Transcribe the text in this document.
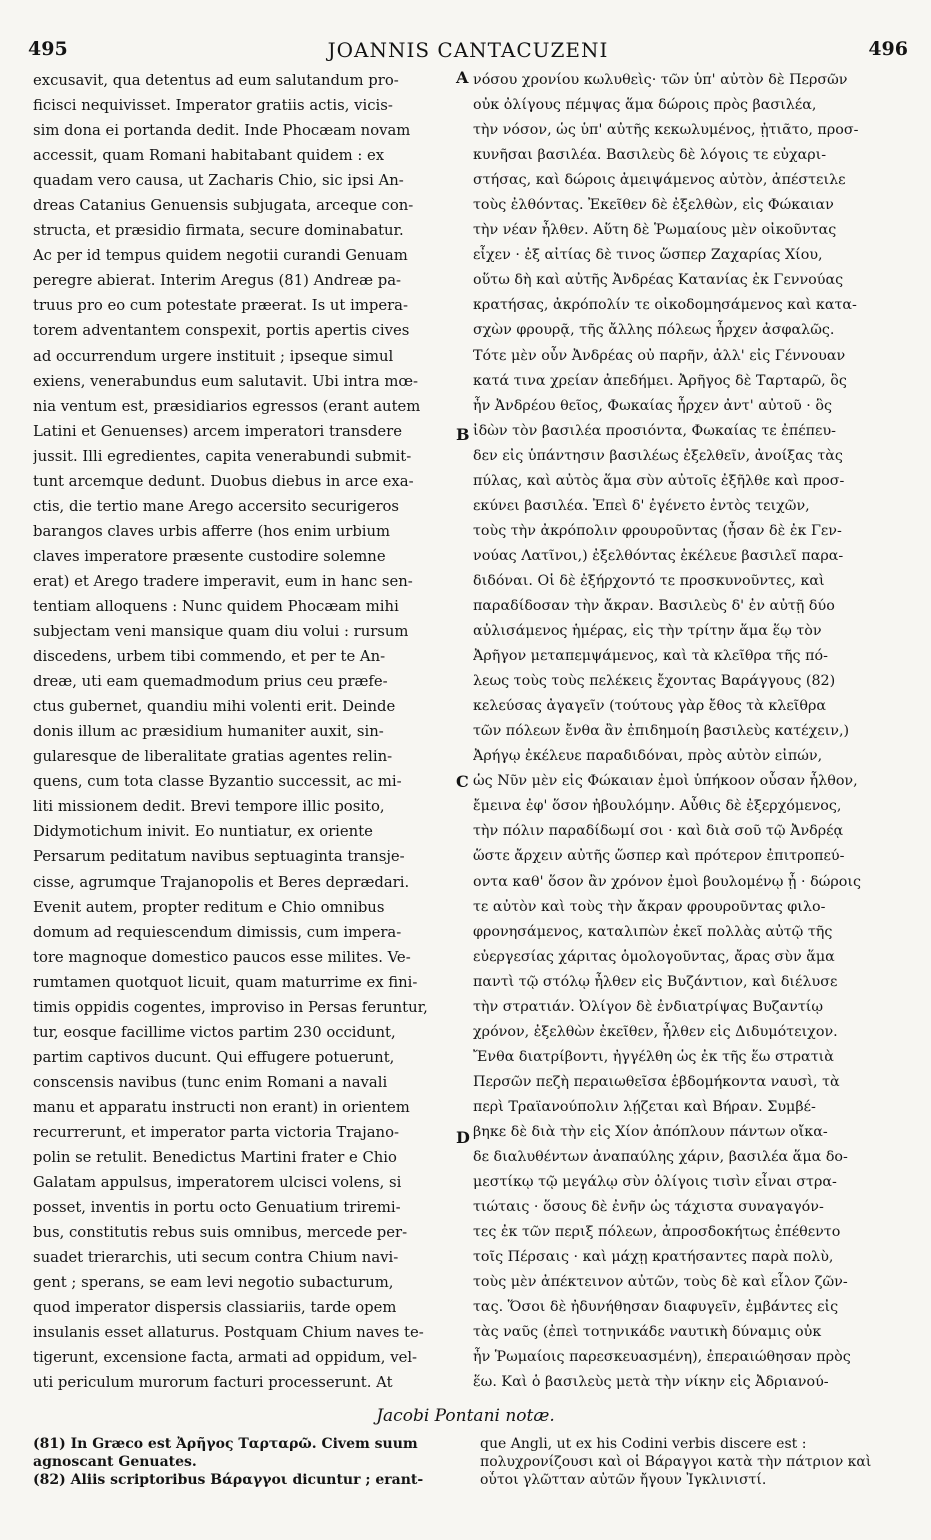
495	JOANNIS CANTACUZENI	496
excusavit, qua detentus ad eum salutandum pro-
ficisci nequivisset. Imperator gratiis actis, vicis-
sim dona ei portanda dedit. Inde Phocæam novam
accessit, quam Romani habitabant quidem : ex
quadam vero causa, ut Zacharis Chio, sic ipsi An-
dreas Catanius Genuensis subjugata, arceque con-
structa, et præsidio firmata, secure dominabatur.
Ac per id tempus quidem negotii curandi Genuam
peregre abierat. Interim Aregus (81) Andreæ pa-
truus pro eo cum potestate præerat. Is ut impera-
torem adventantem conspexit, portis apertis cives
ad occurrendum urgere instituit ; ipseque simul
exiens, venerabundus eum salutavit. Ubi intra mœ-
nia ventum est, præsidiarios egressos (erant autem
Latini et Genuenses) arcem imperatori transdere
jussit. Illi egredientes, capita venerabundi submit-
tunt arcemque dedunt. Duobus diebus in arce exa-
ctis, die tertio mane Arego accersito securigeros
barangos claves urbis afferre (hos enim urbium
claves imperatore præsente custodire solemne
erat) et Arego tradere imperavit, eum in hanc sen-
tentiam alloquens : Nunc quidem Phocæam mihi
subjectam veni mansique quam diu volui : rursum
discedens, urbem tibi commendo, et per te An-
dreæ, uti eam quemadmodum prius ceu præfe-
ctus gubernet, quandiu mihi volenti erit. Deinde
donis illum ac præsidium humaniter auxit, sin-
gularesque de liberalitate gratias agentes relin-
quens, cum tota classe Byzantio successit, ac mi-
liti missionem dedit. Brevi tempore illic posito,
Didymotichum inivit. Eo nuntiatur, ex oriente
Persarum peditatum navibus septuaginta transje-
cisse, agrumque Trajanopolis et Beres deprædari.
Evenit autem, propter reditum e Chio omnibus
domum ad requiescendum dimissis, cum impera-
tore magnoque domestico paucos esse milites. Ve-
rumtamen quotquot licuit, quam maturrime ex fini-
timis oppidis cogentes, improviso in Persas feruntur,
tur, eosque facillime victos partim 230 occidunt,
partim captivos ducunt. Qui effugere potuerunt,
conscensis navibus (tunc enim Romani a navali
manu et apparatu instructi non erant) in orientem
recurrerunt, et imperator parta victoria Trajano-
polin se retulit. Benedictus Martini frater e Chio
Galatam appulsus, imperatorem ulcisci volens, si
posset, inventis in portu octo Genuatium triremi-
bus, constitutis rebus suis omnibus, mercede per-
suadet trierarchis, uti secum contra Chium navi-
gent ; sperans, se eam levi negotio subacturum,
quod imperator dispersis classiariis, tarde opem
insulanis esset allaturus. Postquam Chium naves te-
tigerunt, excensione facta, armati ad oppidum, vel-
uti periculum murorum facturi processerunt. At
νόσου χρονίου κωλυθεὶς· τῶν ὑπ' αὐτὸν δὲ Περσῶν
οὐκ ὀλίγους πέμψας ἅμα δώροις πρὸς βασιλέα,
τὴν νόσον, ὡς ὑπ' αὐτῆς κεκωλυμένος, ᾐτιᾶτο, προσ-
κυνῆσαι βασιλέα. Βασιλεὺς δὲ λόγοις τε εὐχαρι-
στήσας, καὶ δώροις ἀμειψάμενος αὐτὸν, ἀπέστειλε
τοὺς ἐλθόντας. Ἐκεῖθεν δὲ ἐξελθὼν, εἰς Φώκαιαν
τὴν νέαν ἦλθεν. Αὕτη δὲ Ῥωμαίους μὲν οἰκοῦντας
εἶχεν · ἐξ αἰτίας δὲ τινος ὥσπερ Ζαχαρίας Χίου,
οὕτω δὴ καὶ αὐτῆς Ἀνδρέας Κατανίας ἐκ Γεννούας
κρατήσας, ἀκρόπολίν τε οἰκοδομησάμενος καὶ κατα-
σχὼν φρουρᾷ, τῆς ἄλλης πόλεως ἦρχεν ἀσφαλῶς.
Τότε μὲν οὖν Ἀνδρέας οὐ παρῆν, ἀλλ' εἰς Γέννουαν
κατά τινα χρείαν ἀπεδήμει. Ἀρῆγος δὲ Ταρταρῶ, ὃς
ἦν Ἀνδρέου θεῖος, Φωκαίας ἦρχεν ἀντ' αὐτοῦ · ὃς
ἰδὼν τὸν βασιλέα προσιόντα, Φωκαίας τε ἐπέπευ-
δεν εἰς ὑπάντησιν βασιλέως ἐξελθεῖν, ἀνοίξας τὰς
πύλας, καὶ αὐτὸς ἅμα σὺν αὐτοῖς ἐξῆλθε καὶ προσ-
εκύνει βασιλέα. Ἐπεὶ δ' ἐγένετο ἐντὸς τειχῶν,
τοὺς τὴν ἀκρόπολιν φρουροῦντας (ἦσαν δὲ ἐκ Γεν-
νούας Λατῖνοι,) ἐξελθόντας ἐκέλευε βασιλεῖ παρα-
διδόναι. Οἱ δὲ ἐξήρχοντό τε προσκυνοῦντες, καὶ
παραδίδοσαν τὴν ἄκραν. Βασιλεὺς δ' ἐν αὐτῇ δύο
αὐλισάμενος ἡμέρας, εἰς τὴν τρίτην ἅμα ἕῳ τὸν
Ἀρῆγον μεταπεμψάμενος, καὶ τὰ κλεῖθρα τῆς πό-
λεως τοὺς τοὺς πελέκεις ἔχοντας Βαράγγους (82)
κελεύσας ἀγαγεῖν (τούτους γὰρ ἔθος τὰ κλεῖθρα
τῶν πόλεων ἔνθα ἂν ἐπιδημοίη βασιλεὺς κατέχειν,)
Ἀρήγῳ ἐκέλευε παραδιδόναι, πρὸς αὐτὸν εἰπών,
ὡς Νῦν μὲν εἰς Φώκαιαν ἐμοὶ ὑπήκοον οὖσαν ἦλθον,
ἔμεινα ἐφ' ὅσον ἠβουλόμην. Αὖθις δὲ ἐξερχόμενος,
τὴν πόλιν παραδίδωμί σοι · καὶ διὰ σοῦ τῷ Ἀνδρέᾳ
ὥστε ἄρχειν αὐτῆς ὥσπερ καὶ πρότερον ἐπιτροπεύ-
οντα καθ' ὅσον ἂν χρόνον ἐμοὶ βουλομένῳ ᾖ · δώροις
τε αὐτὸν καὶ τοὺς τὴν ἄκραν φρουροῦντας φιλο-
φρονησάμενος, καταλιπὼν ἐκεῖ πολλὰς αὐτῷ τῆς
εὐεργεσίας χάριτας ὁμολογοῦντας, ἄρας σὺν ἅμα
παντὶ τῷ στόλῳ ἦλθεν εἰς Βυζάντιον, καὶ διέλυσε
τὴν στρατιάν. Ὀλίγον δὲ ἐνδιατρίψας Βυζαντίῳ
χρόνον, ἐξελθὼν ἐκεῖθεν, ἦλθεν εἰς Διδυμότειχον.
Ἔνθα διατρίβοντι, ἠγγέλθη ὡς ἐκ τῆς ἕω στρατιὰ
Περσῶν πεζὴ περαιωθεῖσα ἑβδομήκοντα ναυσὶ, τὰ
περὶ Τραϊανούπολιν λῄζεται καὶ Βήραν. Συμβέ-
βηκε δὲ διὰ τὴν εἰς Χίον ἀπόπλουν πάντων οἴκα-
δε διαλυθέντων ἀναπαύλης χάριν, βασιλέα ἅμα δο-
μεστίκῳ τῷ μεγάλῳ σὺν ὀλίγοις τισὶν εἶναι στρα-
τιώταις · ὅσους δὲ ἐνῆν ὡς τάχιστα συναγαγόν-
τες ἐκ τῶν περιξ πόλεων, ἀπροσδοκήτως ἐπέθεντο
τοῖς Πέρσαις · καὶ μάχῃ κρατήσαντες παρὰ πολὺ,
τοὺς μὲν ἀπέκτεινον αὐτῶν, τοὺς δὲ καὶ εἷλον ζῶν-
τας. Ὅσοι δὲ ἠδυνήθησαν διαφυγεῖν, ἐμβάντες εἰς
τὰς ναῦς (ἐπεὶ τοτηνικάδε ναυτικὴ δύναμις οὐκ
ἦν Ῥωμαίοις παρεσκευασμένη), ἐπεραιώθησαν πρὸς
ἕω. Καὶ ὁ βασιλεὺς μετὰ τὴν νίκην εἰς Ἀδριανού-
A
B
C
D
Jacobi Pontani notæ.
(81) In Græco est Ἀρῆγος Ταρταρῶ. Civem suum
agnoscant Genuates.
(82) Aliis scriptoribus Βάραγγοι dicuntur ; erant-
que Angli, ut ex his Codini verbis discere est :
πολυχρονίζουσι καὶ οἱ Βάραγγοι κατὰ τὴν πάτριον καὶ
οὗτοι γλῶτταν αὐτῶν ἤγουν Ἰγκλινιστί.
